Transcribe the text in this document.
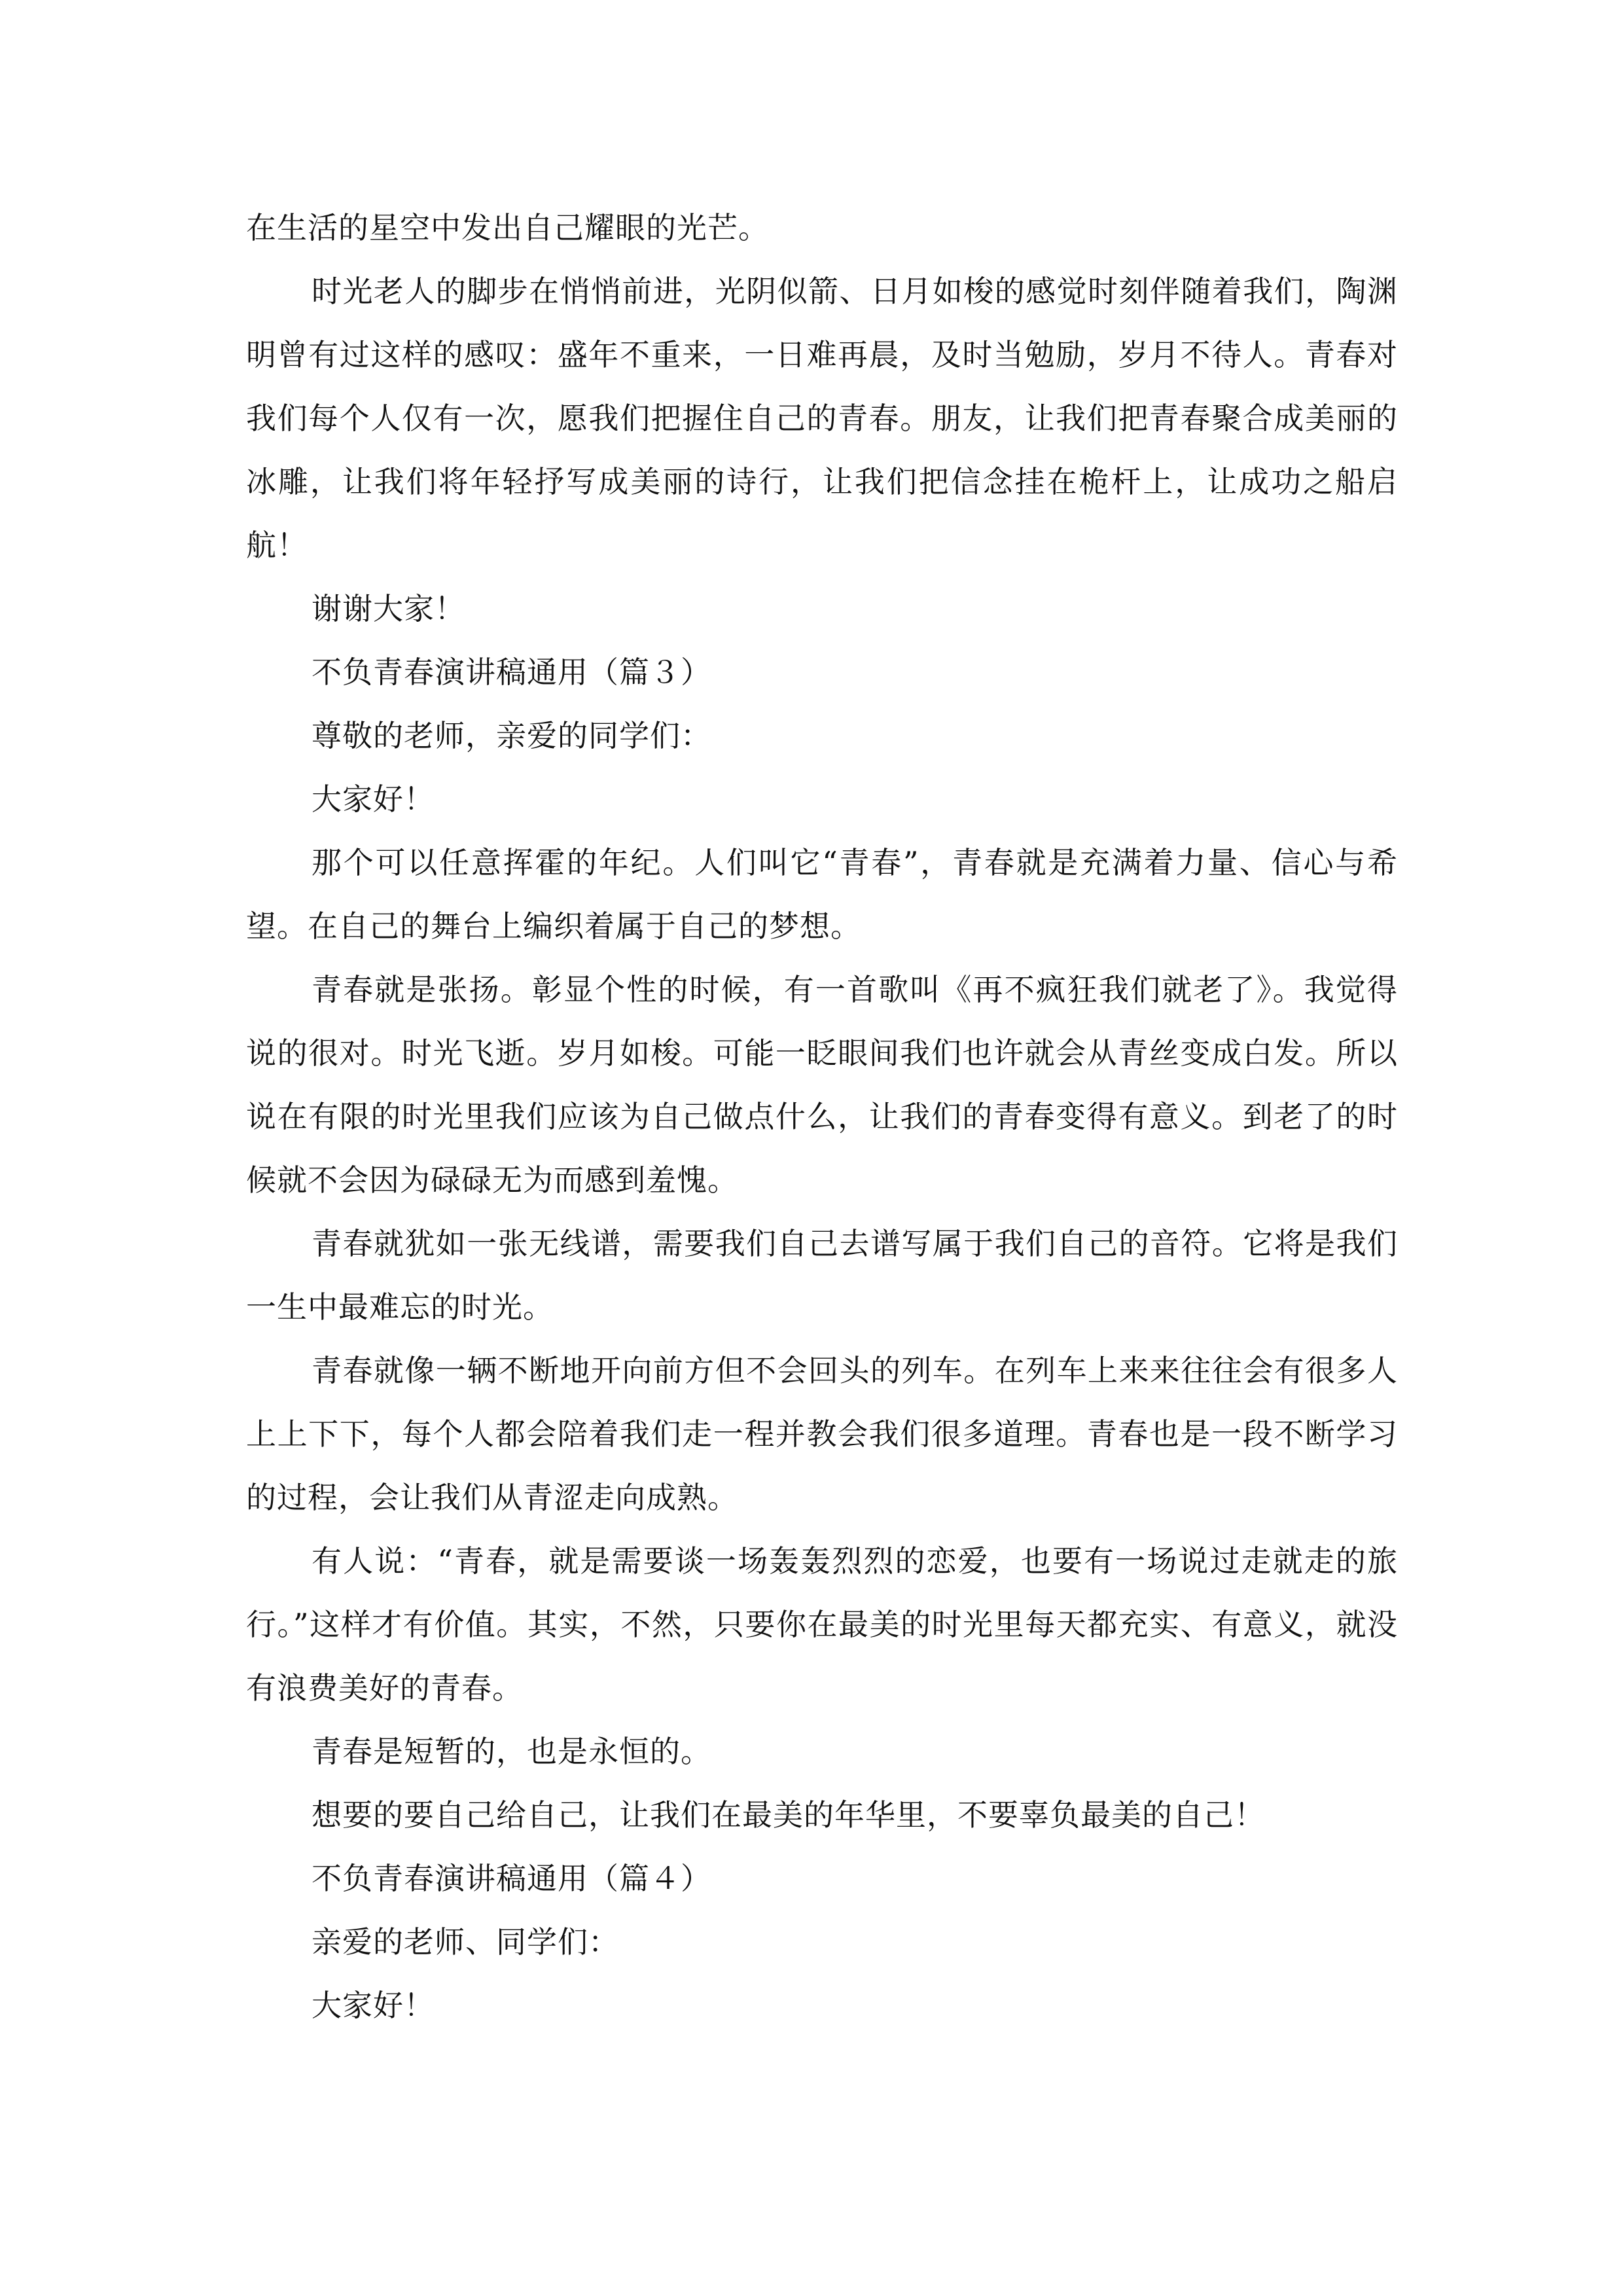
在生活的星空中发出自己耀眼的光芒。

时光老人的脚步在悄悄前进，光阴似箭、日月如梭的感觉时刻伴随着我们，陶渊明曾有过这样的感叹：盛年不重来，一日难再晨，及时当勉励，岁月不待人。青春对我们每个人仅有一次，愿我们把握住自己的青春。朋友，让我们把青春聚合成美丽的冰雕，让我们将年轻抒写成美丽的诗行，让我们把信念挂在桅杆上，让成功之船启航！

谢谢大家！

不负青春演讲稿通用（篇３）

尊敬的老师，亲爱的同学们：

大家好！

那个可以任意挥霍的年纪。人们叫它“青春”，青春就是充满着力量、信心与希望。在自己的舞台上编织着属于自己的梦想。

青春就是张扬。彰显个性的时候，有一首歌叫《再不疯狂我们就老了》。我觉得说的很对。时光飞逝。岁月如梭。可能一眨眼间我们也许就会从青丝变成白发。所以说在有限的时光里我们应该为自己做点什么，让我们的青春变得有意义。到老了的时候就不会因为碌碌无为而感到羞愧。

青春就犹如一张无线谱，需要我们自己去谱写属于我们自己的音符。它将是我们一生中最难忘的时光。

青春就像一辆不断地开向前方但不会回头的列车。在列车上来来往往会有很多人上上下下，每个人都会陪着我们走一程并教会我们很多道理。青春也是一段不断学习的过程，会让我们从青涩走向成熟。

有人说：“青春，就是需要谈一场轰轰烈烈的恋爱，也要有一场说过走就走的旅行。”这样才有价值。其实，不然，只要你在最美的时光里每天都充实、有意义，就没有浪费美好的青春。

青春是短暂的，也是永恒的。

想要的要自己给自己，让我们在最美的年华里，不要辜负最美的自己！

不负青春演讲稿通用（篇４）

亲爱的老师、同学们：

大家好！
